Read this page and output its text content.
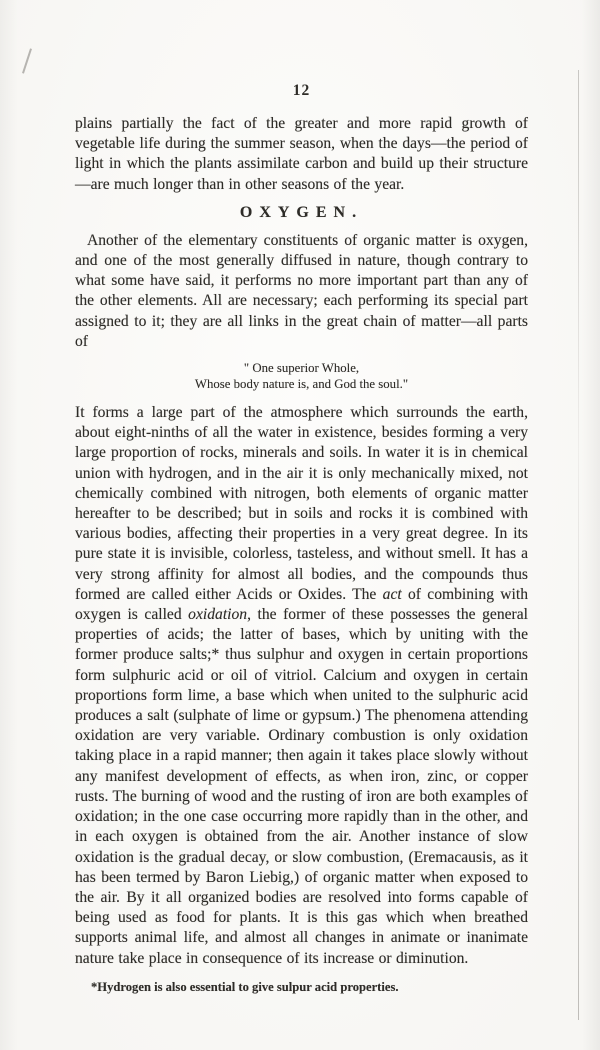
12

plains partially the fact of the greater and more rapid growth of vegetable life during the summer season, when the days—the period of light in which the plants assimilate carbon and build up their structure—are much longer than in other seasons of the year.

OXYGEN.

Another of the elementary constituents of organic matter is oxygen, and one of the most generally diffused in nature, though contrary to what some have said, it performs no more important part than any of the other elements. All are necessary; each performing its special part assigned to it; they are all links in the great chain of matter—all parts of

" One superior Whole,
Whose body nature is, and God the soul."

It forms a large part of the atmosphere which surrounds the earth, about eight-ninths of all the water in existence, besides forming a very large proportion of rocks, minerals and soils. In water it is in chemical union with hydrogen, and in the air it is only mechanically mixed, not chemically combined with nitrogen, both elements of organic matter hereafter to be described; but in soils and rocks it is combined with various bodies, affecting their properties in a very great degree. In its pure state it is invisible, colorless, tasteless, and without smell. It has a very strong affinity for almost all bodies, and the compounds thus formed are called either Acids or Oxides. The act of combining with oxygen is called oxidation, the former of these possesses the general properties of acids; the latter of bases, which by uniting with the former produce salts;* thus sulphur and oxygen in certain proportions form sulphuric acid or oil of vitriol. Calcium and oxygen in certain proportions form lime, a base which when united to the sulphuric acid produces a salt (sulphate of lime or gypsum.) The phenomena attending oxidation are very variable. Ordinary combustion is only oxidation taking place in a rapid manner; then again it takes place slowly without any manifest development of effects, as when iron, zinc, or copper rusts. The burning of wood and the rusting of iron are both examples of oxidation; in the one case occurring more rapidly than in the other, and in each oxygen is obtained from the air. Another instance of slow oxidation is the gradual decay, or slow combustion, (Eremacausis, as it has been termed by Baron Liebig,) of organic matter when exposed to the air. By it all organized bodies are resolved into forms capable of being used as food for plants. It is this gas which when breathed supports animal life, and almost all changes in animate or inanimate nature take place in consequence of its increase or diminution.

*Hydrogen is also essential to give sulpur acid properties.
